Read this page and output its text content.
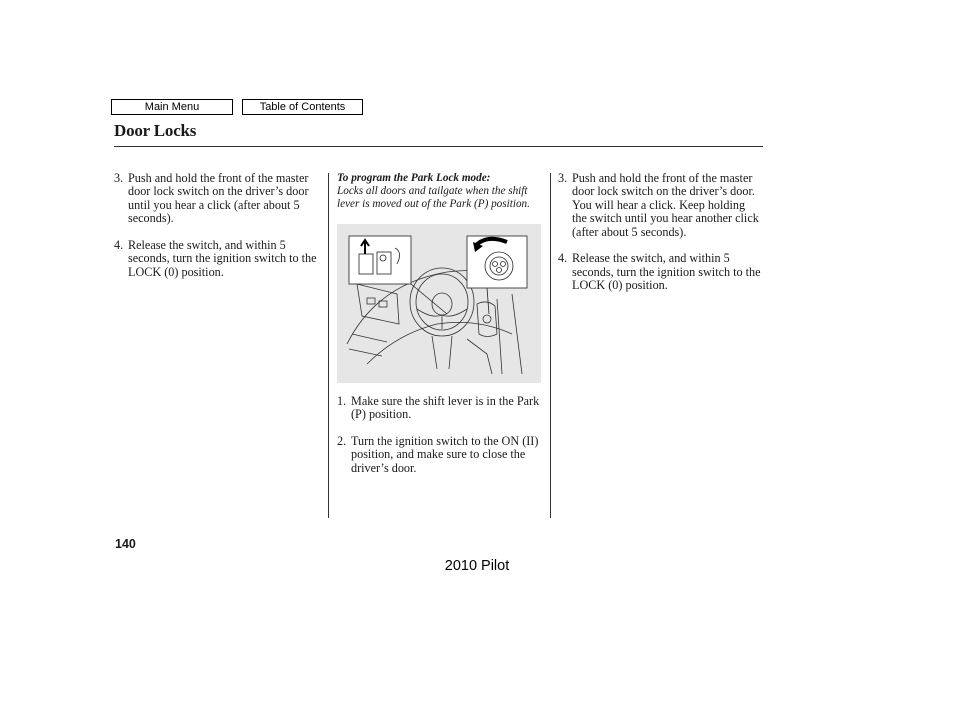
Main Menu	Table of Contents
Door Locks
3. Push and hold the front of the master door lock switch on the driver’s door until you hear a click (after about 5 seconds).
4. Release the switch, and within 5 seconds, turn the ignition switch to the LOCK (0) position.
To program the Park Lock mode:
Locks all doors and tailgate when the shift lever is moved out of the Park (P) position.
1. Make sure the shift lever is in the Park (P) position.
2. Turn the ignition switch to the ON (II) position, and make sure to close the driver’s door.
3. Push and hold the front of the master door lock switch on the driver’s door. You will hear a click. Keep holding the switch until you hear another click (after about 5 seconds).
4. Release the switch, and within 5 seconds, turn the ignition switch to the LOCK (0) position.
140
2010 Pilot
